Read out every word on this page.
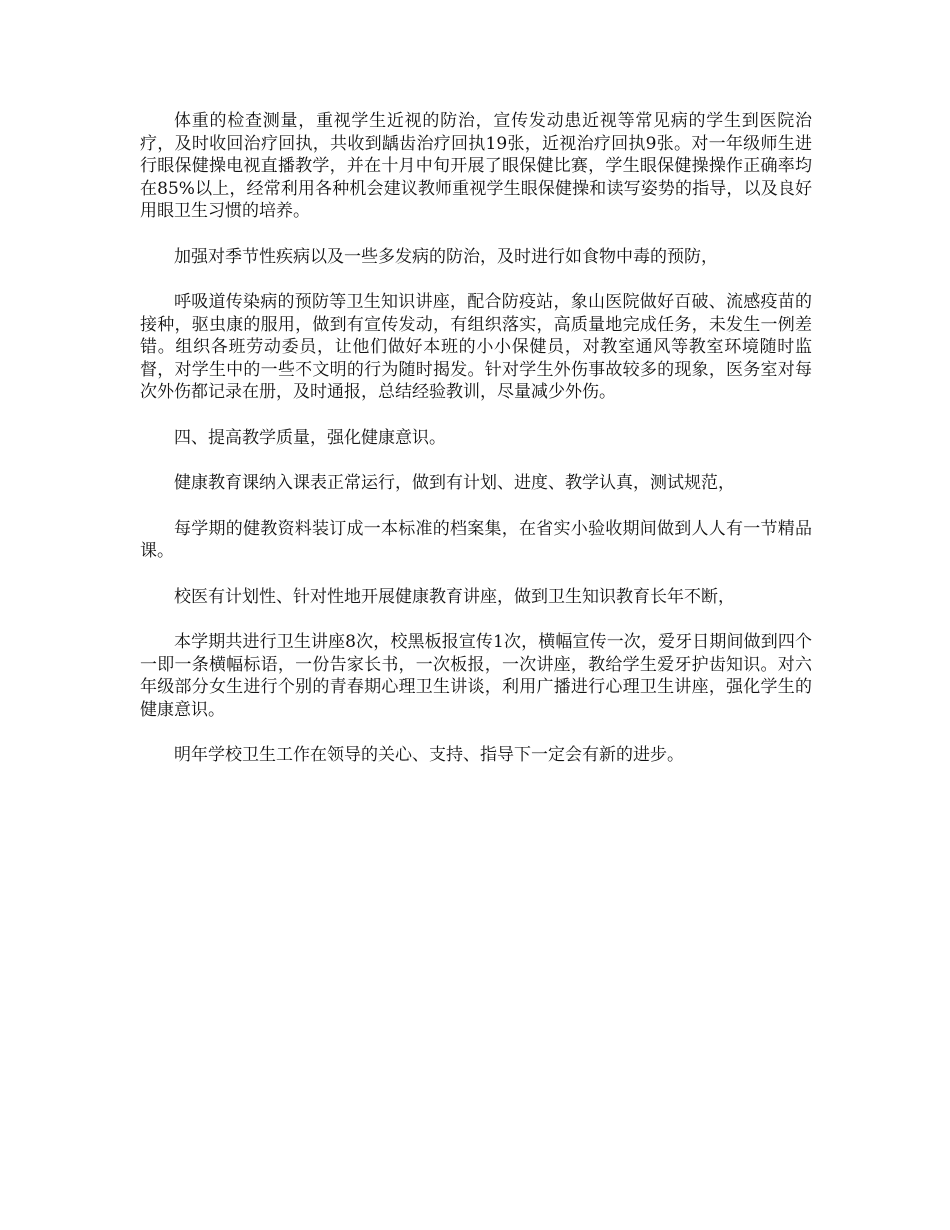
体重的检查测量，重视学生近视的防治，宣传发动患近视等常见病的学生到医院治疗，及时收回治疗回执，共收到龋齿治疗回执19张，近视治疗回执9张。对一年级师生进行眼保健操电视直播教学，并在十月中旬开展了眼保健比赛，学生眼保健操操作正确率均在85%以上，经常利用各种机会建议教师重视学生眼保健操和读写姿势的指导，以及良好用眼卫生习惯的培养。

加强对季节性疾病以及一些多发病的防治，及时进行如食物中毒的预防，

呼吸道传染病的预防等卫生知识讲座，配合防疫站，象山医院做好百破、流感疫苗的接种，驱虫康的服用，做到有宣传发动，有组织落实，高质量地完成任务，未发生一例差错。组织各班劳动委员，让他们做好本班的小小保健员，对教室通风等教室环境随时监督，对学生中的一些不文明的行为随时揭发。针对学生外伤事故较多的现象，医务室对每次外伤都记录在册，及时通报，总结经验教训，尽量减少外伤。

四、提高教学质量，强化健康意识。

健康教育课纳入课表正常运行，做到有计划、进度、教学认真，测试规范，

每学期的健教资料装订成一本标准的档案集，在省实小验收期间做到人人有一节精品课。

校医有计划性、针对性地开展健康教育讲座，做到卫生知识教育长年不断，

本学期共进行卫生讲座8次，校黑板报宣传1次，横幅宣传一次，爱牙日期间做到四个一即一条横幅标语，一份告家长书，一次板报，一次讲座，教给学生爱牙护齿知识。对六年级部分女生进行个别的青春期心理卫生讲谈，利用广播进行心理卫生讲座，强化学生的健康意识。

明年学校卫生工作在领导的关心、支持、指导下一定会有新的进步。
